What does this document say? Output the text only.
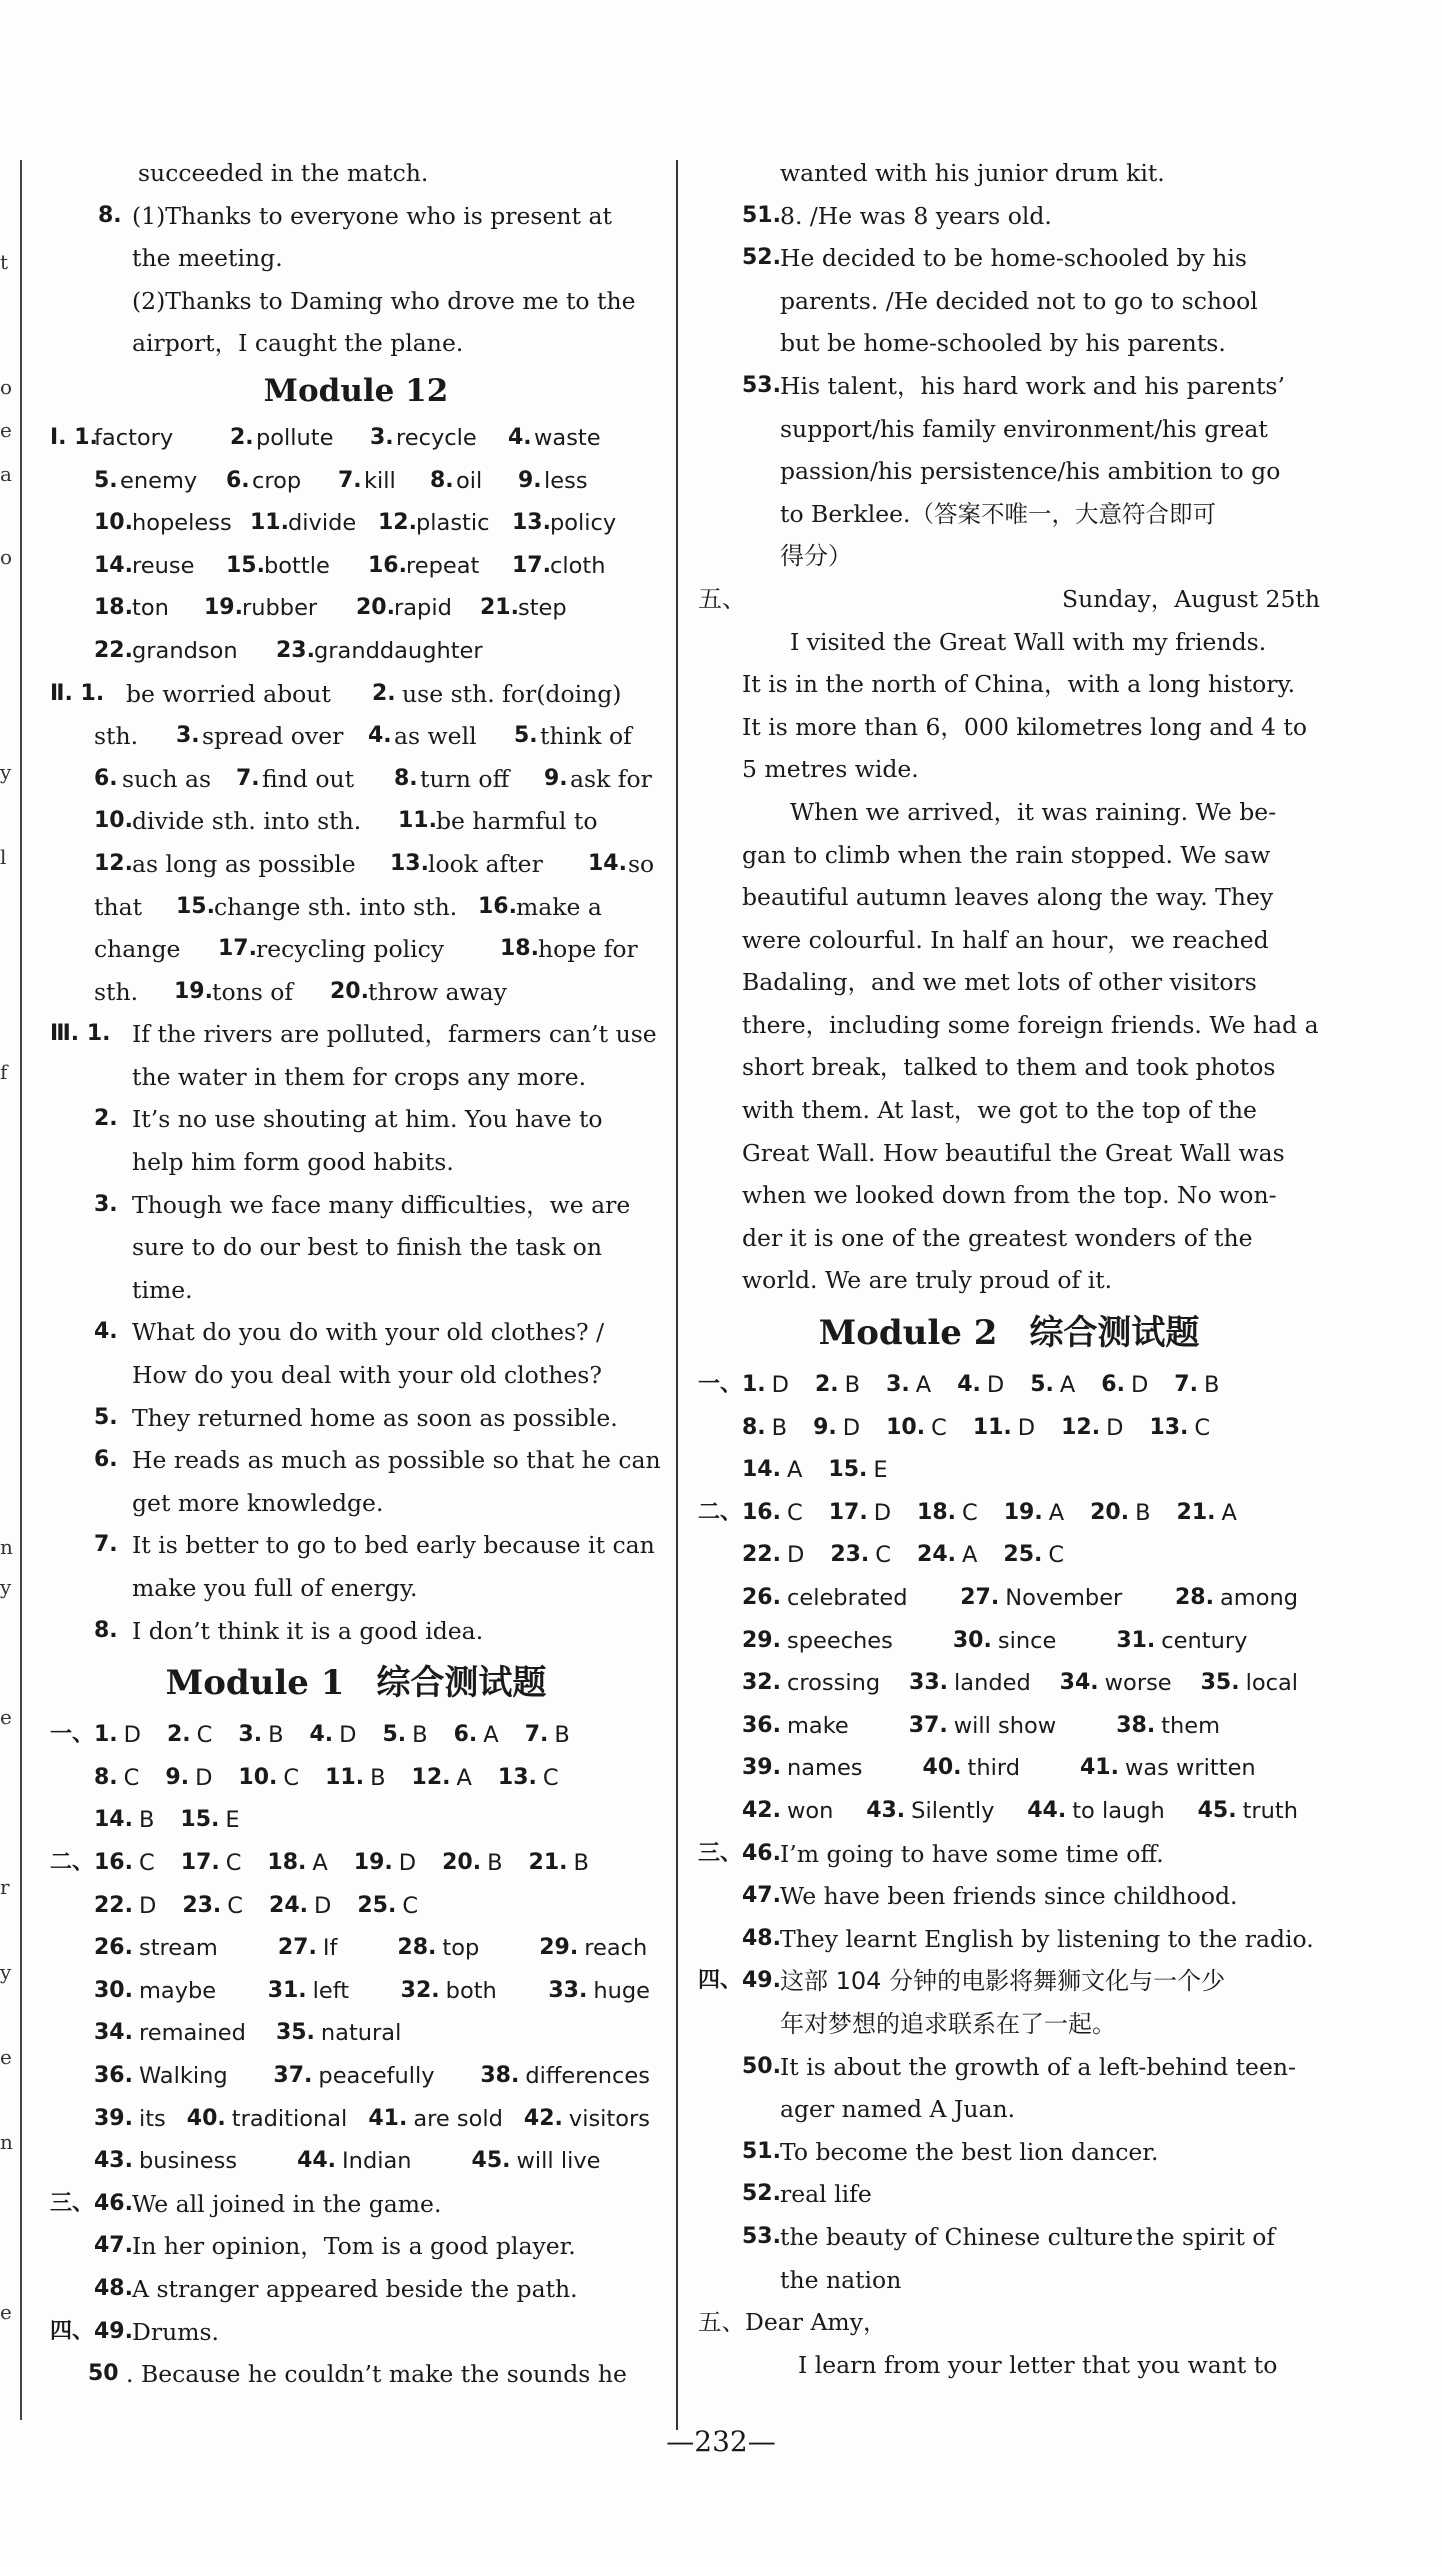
t
o
e
a
o
y
l
f
n
y
e
r
y
e
n
e
succeeded in the match.
8. (1)Thanks to everyone who is present at
the meeting.
(2)Thanks to Daming who drove me to the
airport，I caught the plane.
Module 12
Ⅰ. 1.
factory	2. pollute 3. recycle 4. waste
5. enemy 6. crop 7. kill 8. oil 9. less
10. hopeless 11. divide 12. plastic 13. policy
14. reuse 15. bottle 16. repeat 17. cloth
18. ton 19. rubber 20. rapid 21. step
22. grandson 23. granddaughter
Ⅱ. 1. be worried about 2. use sth. for(doing)
sth. 3. spread over 4. as well 5. think of
6. such as 7. find out 8. turn off 9. ask for
10. divide sth. into sth. 11. be harmful to
12. as long as possible 13. look after 14. so
that 15. change sth. into sth. 16. make a
change 17. recycling policy	18. hope for
sth. 19. tons of 20. throw away
Ⅲ. 1. If the rivers are polluted，farmers can’t use
the water in them for crops any more.
2. It’s no use shouting at him. You have to
help him form good habits.
3. Though we face many difficulties，we are
sure to do our best to finish the task on
time.
4. What do you do with your old clothes? /
How do you deal with your old clothes?
5. They returned home as soon as possible.
6. He reads as much as possible so that he can
get more knowledge.
7. It is better to go to bed early because it can
make you full of energy.
8. I don’t think it is a good idea.
Module 1 综合测试题
一、1. D 2. C 3. B 4. D 5. B 6. A 7. B
8. C 9. D 10. C 11. B 12. A 13. C
14. B 15. E
二、16. C 17. C 18. A 19. D 20. B 21. B
22. D 23. C 24. D 25. C
26. stream	27. If	28. top	29. reach
30. maybe 31. left 32. both 33. huge
34. remained 35. natural
36. Walking 37. peacefully 38. differences
39. its 40. traditional 41. are sold 42. visitors
43. business	44. Indian	45. will live
三、46. We all joined in the game.
47. In her opinion，Tom is a good player.
48. A stranger appeared beside the path.
四、49. Drums.
50 . Because he couldn’t make the sounds he
wanted with his junior drum kit.
51. 8. /He was 8 years old.
52. He decided to be home-schooled by his
parents. /He decided not to go to school
but be home-schooled by his parents.
53. His talent，his hard work and his parents’
support/his family environment/his great
passion/his persistence/his ambition to go
to Berklee.（答案不唯一，大意符合即可
得分）
五、	Sunday，August 25th
I visited the Great Wall with my friends.
It is in the north of China，with a long history.
It is more than 6，000 kilometres long and 4 to
5 metres wide.
When we arrived，it was raining. We be-
gan to climb when the rain stopped. We saw
beautiful autumn leaves along the way. They
were colourful. In half an hour，we reached
Badaling，and we met lots of other visitors
there，including some foreign friends. We had a
short break，talked to them and took photos
with them. At last，we got to the top of the
Great Wall. How beautiful the Great Wall was
when we looked down from the top. No won-
der it is one of the greatest wonders of the
world. We are truly proud of it.
Module 2 综合测试题
一、1. D 2. B 3. A 4. D 5. A 6. D 7. B
8. B 9. D 10. C 11. D 12. D 13. C
14. A 15. E
二、16. C 17. D 18. C 19. A 20. B 21. A
22. D 23. C 24. A 25. C
26. celebrated 27. November 28. among
29. speeches	30. since	31. century
32. crossing 33. landed 34. worse 35. local
36. make	37. will show	38. them
39. names	40. third	41. was written
42. won 43. Silently 44. to laugh 45. truth
三、46. I’m going to have some time off.
47. We have been friends since childhood.
48. They learnt English by listening to the radio.
四、49. 这部 104 分钟的电影将舞狮文化与一个少
年对梦想的追求联系在了一起。
50. It is about the growth of a left-behind teen-
ager named A Juan.
51. To become the best lion dancer.
52. real life
53. the beauty of Chinese culture the spirit of
the nation
五、Dear Amy，
I learn from your letter that you want to
—232—
